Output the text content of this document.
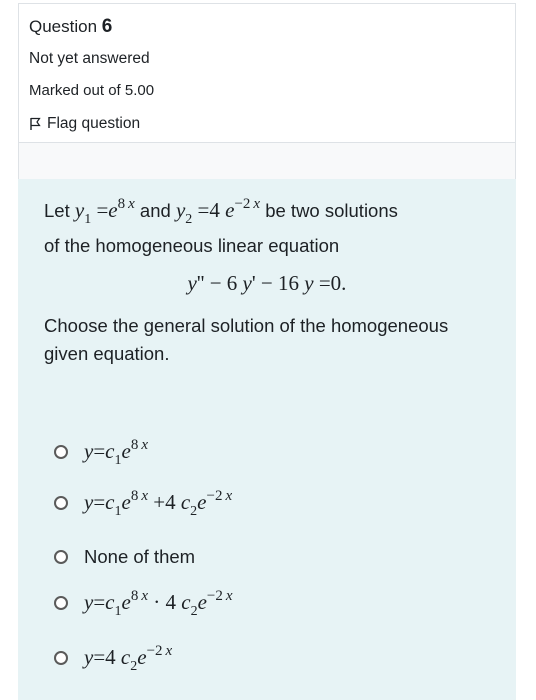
Question 6
Not yet answered
Marked out of 5.00
Flag question
Let $y_1 =e^8$ $^x$ and $y_2 =4$ $e^{-2 x}$ be two solutions
of the homogeneous linear equation
y'' − 6 y' − 16 y =0.
Choose the general solution of the homogeneous
given equation.
$y=c_1e^8$ $^x$
$y=c_1e^8$ $^x$ +4 $c_2e^{-2 x}$
None of them
$y=c_1e^8$ $^x$ · 4 $c_2e^{-2 x}$
y=4 $c_2e^{-2 x}$
